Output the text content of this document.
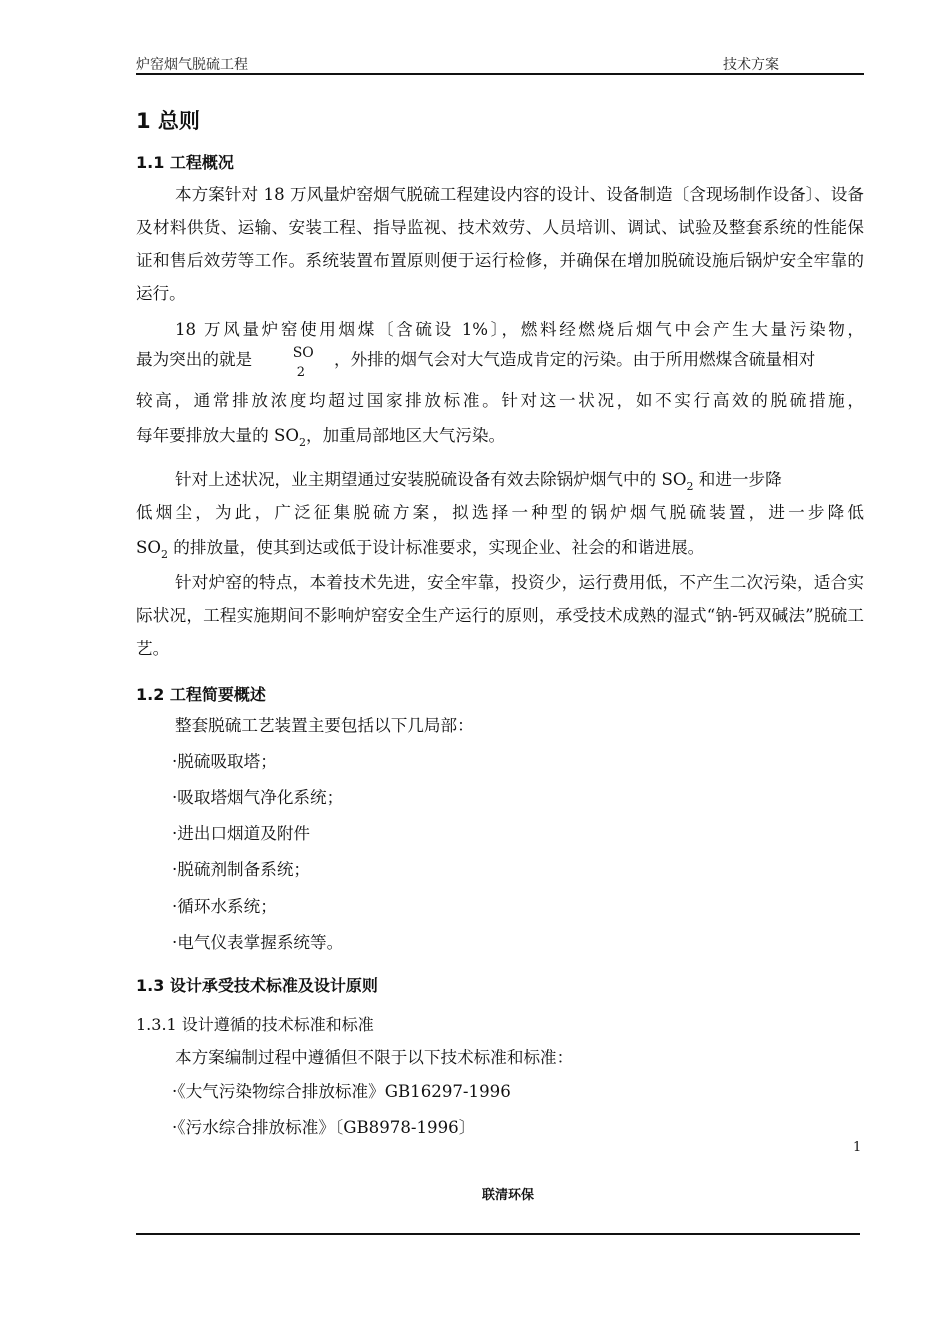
炉窑烟气脱硫工程	技术方案
1 总则
1.1 工程概况
本方案针对 18 万风量炉窑烟气脱硫工程建设内容的设计、设备制造〔含现场制作设备〕、设备及材料供货、运输、安装工程、指导监视、技术效劳、人员培训、调试、试验及整套系统的性能保证和售后效劳等工作。系统装置布置原则便于运行检修，并确保在增加脱硫设施后锅炉安全牢靠的运行。
18 万风量炉窑使用烟煤〔含硫设 1%〕，燃料经燃烧后烟气中会产生大量污染物，
最为突出的就是	SO
2
，外排的烟气会对大气造成肯定的污染。由于所用燃煤含硫量相对
较高，通常排放浓度均超过国家排放标准。针对这一状况，如不实行高效的脱硫措施，
每年要排放大量的 $SO_2$，加重局部地区大气污染。
针对上述状况，业主期望通过安装脱硫设备有效去除锅炉烟气中的 $SO_2$ 和进一步降
低烟尘，为此，广泛征集脱硫方案，拟选择一种型的锅炉烟气脱硫装置，进一步降低
$SO_2$ 的排放量，使其到达或低于设计标准要求，实现企业、社会的和谐进展。
针对炉窑的特点，本着技术先进，安全牢靠，投资少，运行费用低，不产生二次污染，适合实际状况，工程实施期间不影响炉窑安全生产运行的原则，承受技术成熟的湿式“钠-钙双碱法”脱硫工艺。
1.2 工程简要概述
整套脱硫工艺装置主要包括以下几局部：
·脱硫吸取塔；
·吸取塔烟气净化系统；
·进出口烟道及附件
·脱硫剂制备系统；
·循环水系统；
·电气仪表掌握系统等。
1.3 设计承受技术标准及设计原则
1.3.1 设计遵循的技术标准和标准
本方案编制过程中遵循但不限于以下技术标准和标准：
·《大气污染物综合排放标准》GB16297-1996
·《污水综合排放标准》〔GB8978-1996〕
1
联清环保
